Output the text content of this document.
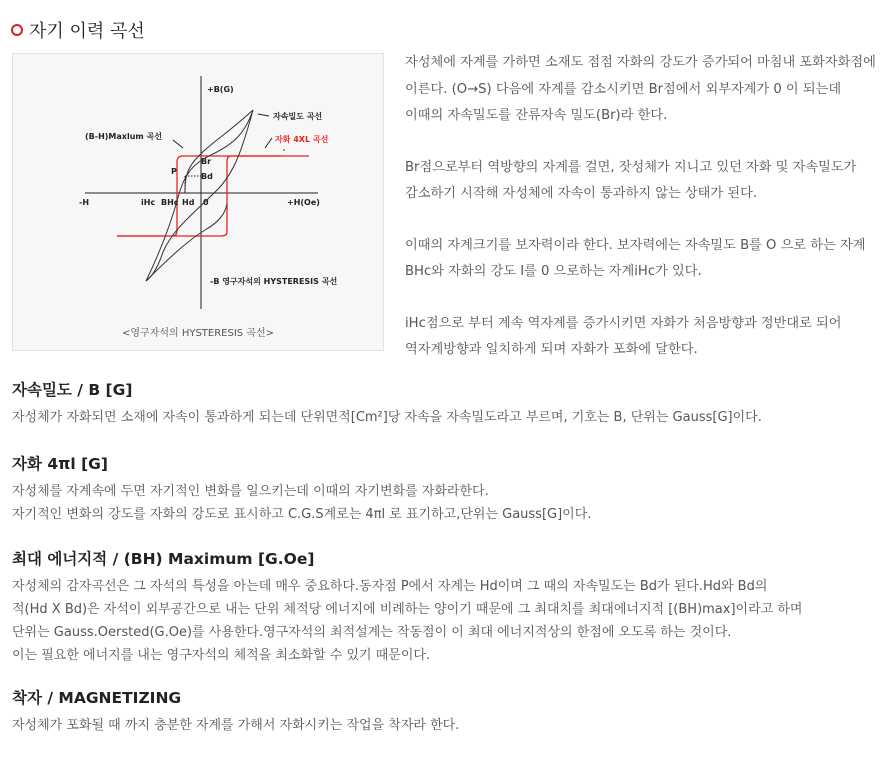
자기 이력 곡선
+B(G)
-H	+H(Oe)
iHc BHc Hd 0
Br
Bd
P
(B-H)Maxlum 곡선
자속밀도 곡선
자화 4XL 곡선
-B 영구자석의 HYSTERESIS 곡선
<영구자석의 HYSTERESIS 곡선>

자성체에 자계를 가하면 소재도 점점 자화의 강도가 증가되어 마침내 포화자화점에
이른다. (O→S) 다음에 자계를 감소시키면 Br점에서 외부자계가 0 이 되는데
이때의 자속밀도를 잔류자속 밀도(Br)라 한다.

Br점으로부터 역방향의 자계를 걸면, 잣성체가 지니고 있던 자화 및 자속밀도가
감소하기 시작해 자성체에 자속이 통과하지 않는 상태가 된다.

이때의 자계크기를 보자력이라 한다. 보자력에는 자속밀도 B를 O 으로 하는 자계
BHc와 자화의 강도 I를 0 으로하는 자계iHc가 있다.

iHc점으로 부터 계속 역자계를 증가시키면 자화가 처음방향과 정반대로 되어
역자계방향과 일치하게 되며 자화가 포화에 달한다.

자속밀도 / B [G]
자성체가 자화되면 소재에 자속이 통과하게 되는데 단위면적[Cm²]당 자속을 자속밀도라고 부르며, 기호는 B, 단위는 Gauss[G]이다.
자화 4πl [G]
자성체를 자계속에 두면 자기적인 변화를 일으키는데 이때의 자기변화를 자화라한다.
자기적인 변화의 강도를 자화의 강도로 표시하고 C.G.S계로는 4πl 로 표기하고,단위는 Gauss[G]이다.
최대 에너지적 / (BH) Maximum [G.Oe]
자성체의 감자곡선은 그 자석의 특성을 아는데 매우 중요하다.동자점 P에서 자계는 Hd이며 그 때의 자속밀도는 Bd가 된다.Hd와 Bd의
적(Hd X Bd)은 자석이 외부공간으로 내는 단위 체적당 에너지에 비례하는 양이기 때문에 그 최대치를 최대에너지적 [(BH)max]이라고 하며
단위는 Gauss.Oersted(G.Oe)를 사용한다.영구자석의 최적설계는 작동점이 이 최대 에너지적상의 한점에 오도록 하는 것이다.
이는 필요한 에너지를 내는 영구자석의 체적을 최소화할 수 있기 때문이다.
착자 / MAGNETIZING
자성체가 포화될 때 까지 충분한 자계를 가해서 자화시키는 작업을 착자라 한다.
